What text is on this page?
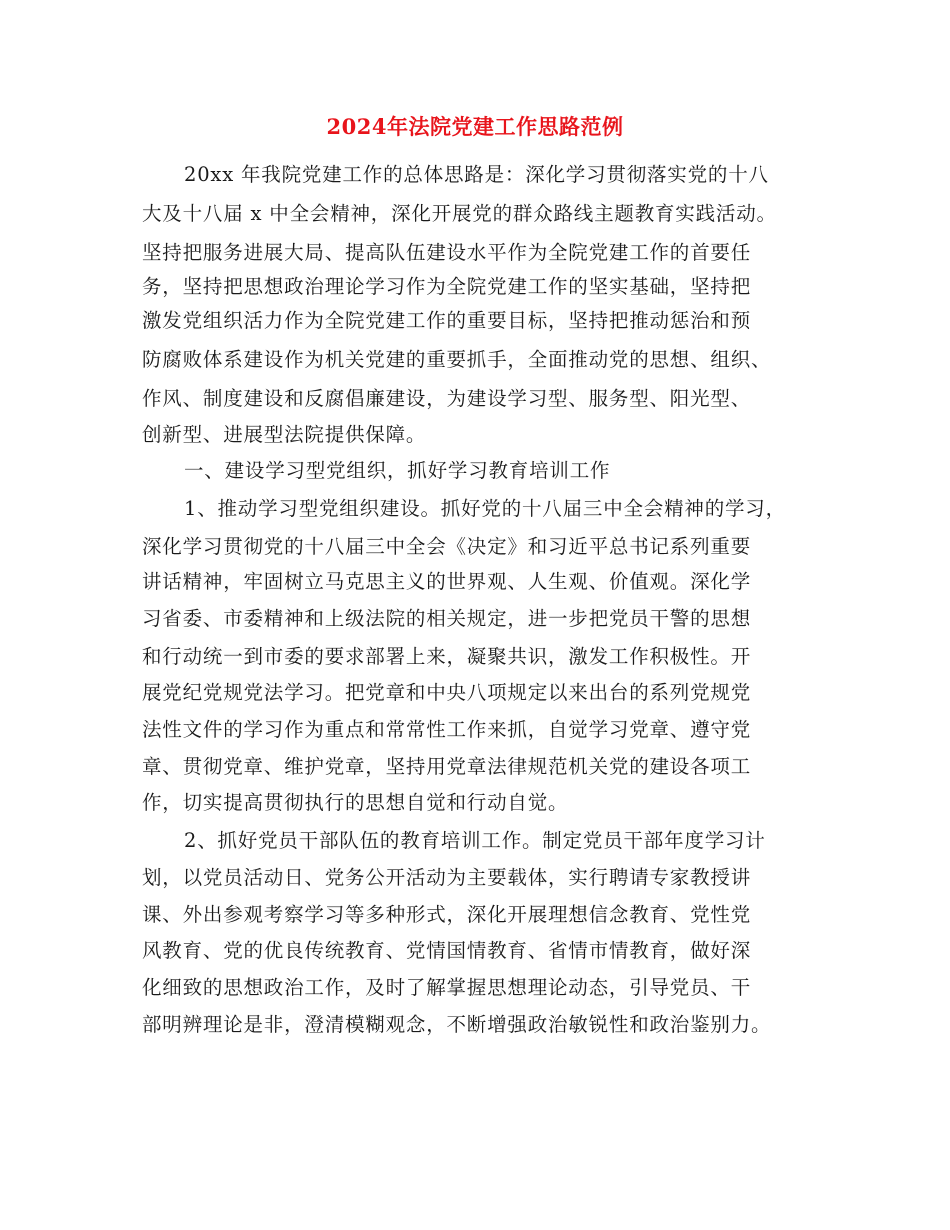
2024年法院党建工作思路范例
20xx 年我院党建工作的总体思路是：深化学习贯彻落实党的十八
大及十八届 x 中全会精神，深化开展党的群众路线主题教育实践活动。
坚持把服务进展大局、提高队伍建设水平作为全院党建工作的首要任
务，坚持把思想政治理论学习作为全院党建工作的坚实基础，坚持把
激发党组织活力作为全院党建工作的重要目标，坚持把推动惩治和预
防腐败体系建设作为机关党建的重要抓手，全面推动党的思想、组织、
作风、制度建设和反腐倡廉建设，为建设学习型、服务型、阳光型、
创新型、进展型法院提供保障。
一、建设学习型党组织，抓好学习教育培训工作
1、推动学习型党组织建设。抓好党的十八届三中全会精神的学习，
深化学习贯彻党的十八届三中全会《决定》和习近平总书记系列重要
讲话精神，牢固树立马克思主义的世界观、人生观、价值观。深化学
习省委、市委精神和上级法院的相关规定，进一步把党员干警的思想
和行动统一到市委的要求部署上来，凝聚共识，激发工作积极性。开
展党纪党规党法学习。把党章和中央八项规定以来出台的系列党规党
法性文件的学习作为重点和常常性工作来抓，自觉学习党章、遵守党
章、贯彻党章、维护党章，坚持用党章法律规范机关党的建设各项工
作，切实提高贯彻执行的思想自觉和行动自觉。
2、抓好党员干部队伍的教育培训工作。制定党员干部年度学习计
划，以党员活动日、党务公开活动为主要载体，实行聘请专家教授讲
课、外出参观考察学习等多种形式，深化开展理想信念教育、党性党
风教育、党的优良传统教育、党情国情教育、省情市情教育，做好深
化细致的思想政治工作，及时了解掌握思想理论动态，引导党员、干
部明辨理论是非，澄清模糊观念，不断增强政治敏锐性和政治鉴别力。
